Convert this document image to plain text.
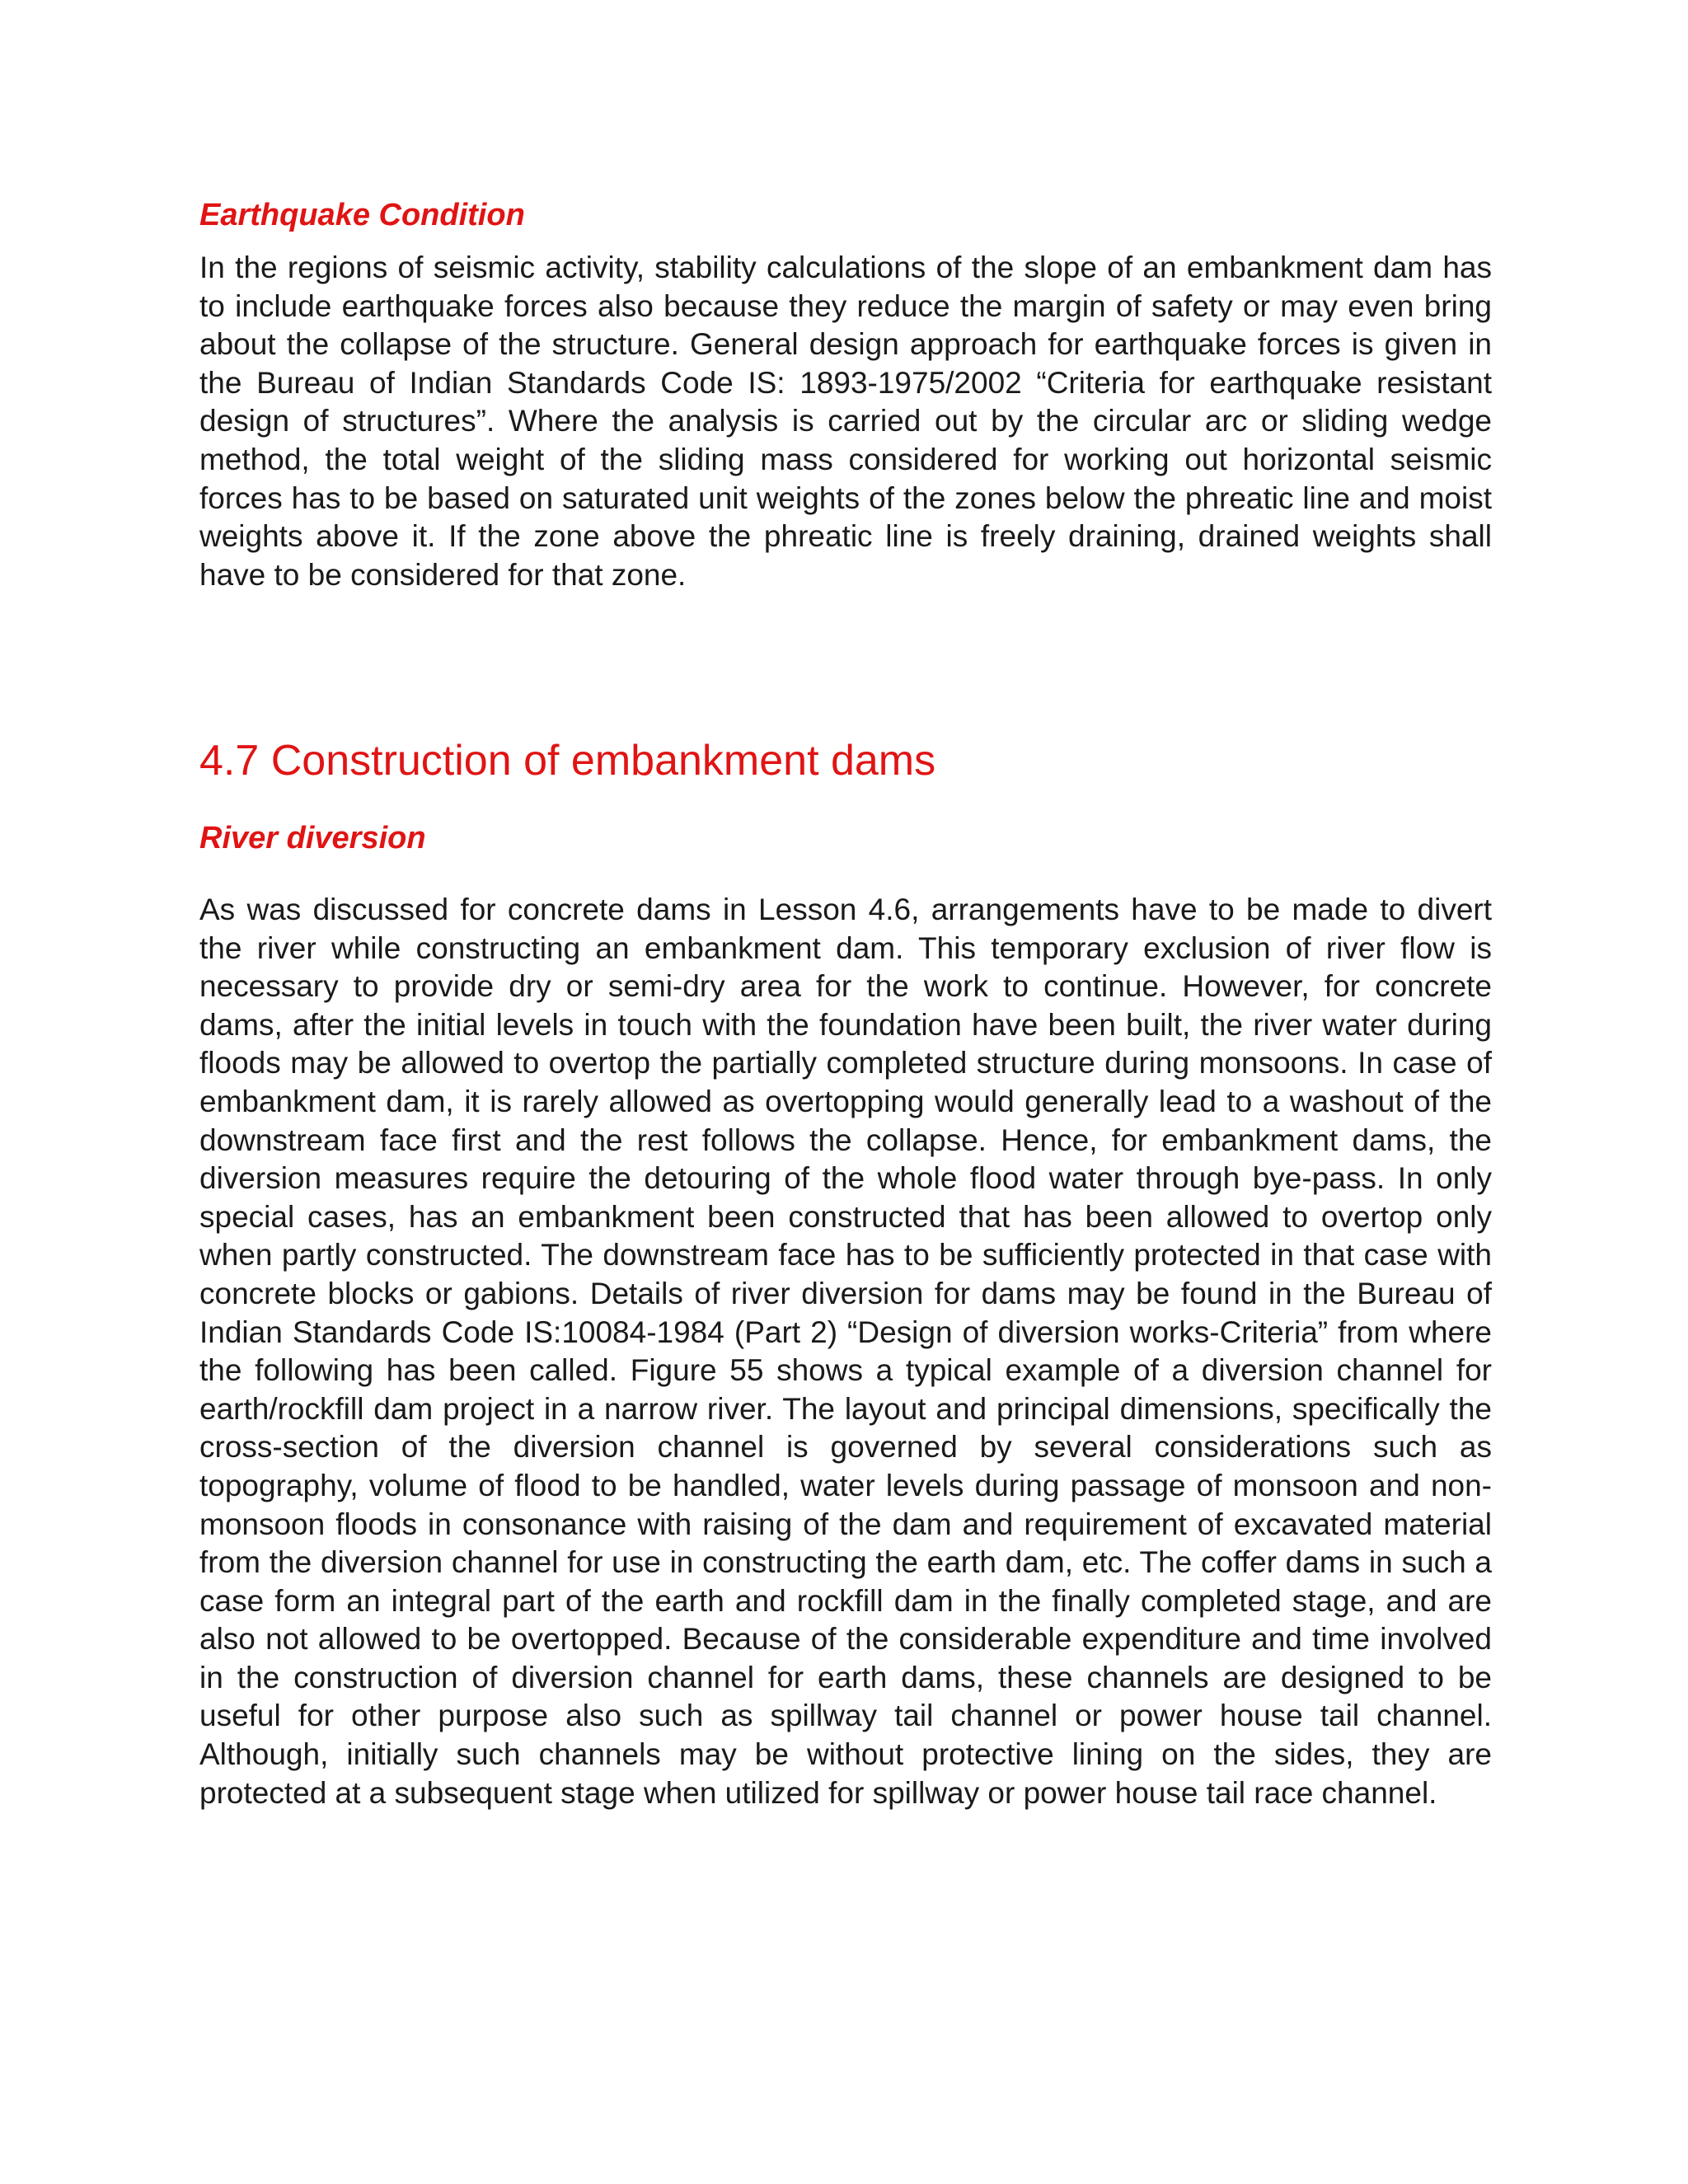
Earthquake Condition

In the regions of seismic activity, stability calculations of the slope of an embankment dam has to include earthquake forces also because they reduce the margin of safety or may even bring about the collapse of the structure. General design approach for earthquake forces is given in the Bureau of Indian Standards Code IS: 1893-1975/2002 “Criteria for earthquake resistant design of structures”. Where the analysis is carried out by the circular arc or sliding wedge method, the total weight of the sliding mass considered for working out horizontal seismic forces has to be based on saturated unit weights of the zones below the phreatic line and moist weights above it. If the zone above the phreatic line is freely draining, drained weights shall have to be considered for that zone.

4.7 Construction of embankment dams
River diversion

As was discussed for concrete dams in Lesson 4.6, arrangements have to be made to divert the river while constructing an embankment dam. This temporary exclusion of river flow is necessary to provide dry or semi-dry area for the work to continue. However, for concrete dams, after the initial levels in touch with the foundation have been built, the river water during floods may be allowed to overtop the partially completed structure during monsoons. In case of embankment dam, it is rarely allowed as overtopping would generally lead to a washout of the downstream face first and the rest follows the collapse. Hence, for embankment dams, the diversion measures require the detouring of the whole flood water through bye-pass. In only special cases, has an embankment been constructed that has been allowed to overtop only when partly constructed. The downstream face has to be sufficiently protected in that case with concrete blocks or gabions. Details of river diversion for dams may be found in the Bureau of Indian Standards Code IS:10084-1984 (Part 2) “Design of diversion works-Criteria” from where the following has been called. Figure 55 shows a typical example of a diversion channel for earth/rockfill dam project in a narrow river. The layout and principal dimensions, specifically the cross-section of the diversion channel is governed by several considerations such as topography, volume of flood to be handled, water levels during passage of monsoon and non-monsoon floods in consonance with raising of the dam and requirement of excavated material from the diversion channel for use in constructing the earth dam, etc. The coffer dams in such a case form an integral part of the earth and rockfill dam in the finally completed stage, and are also not allowed to be overtopped. Because of the considerable expenditure and time involved in the construction of diversion channel for earth dams, these channels are designed to be useful for other purpose also such as spillway tail channel or power house tail channel. Although, initially such channels may be without protective lining on the sides, they are protected at a subsequent stage when utilized for spillway or power house tail race channel.
